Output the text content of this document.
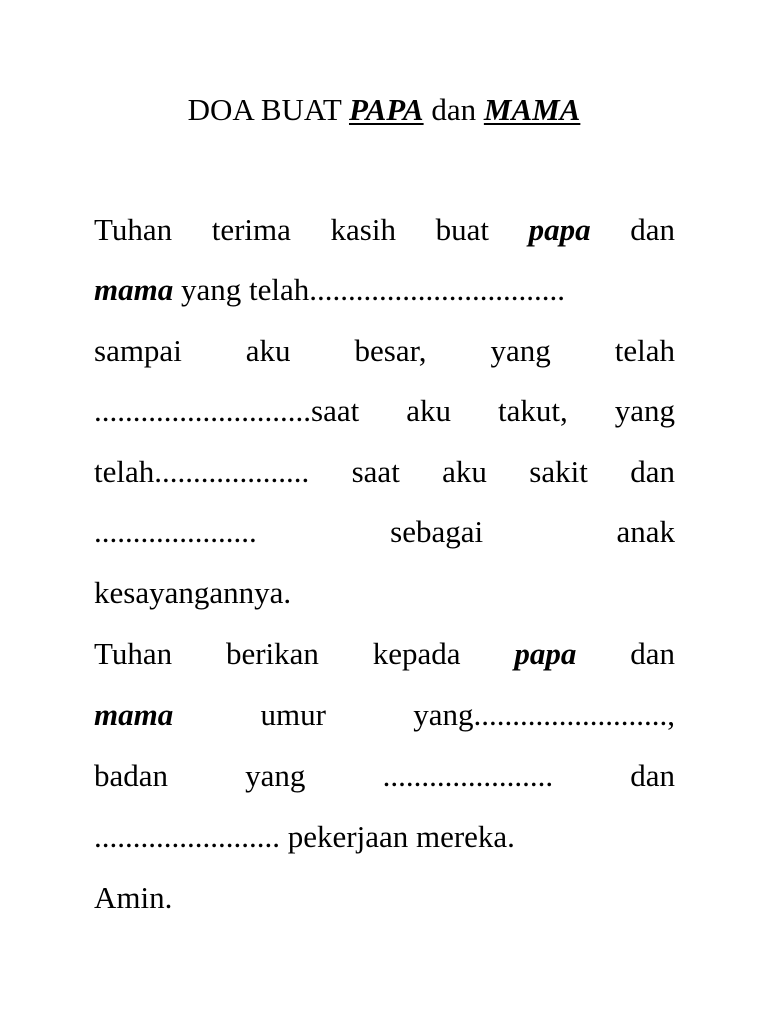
DOA BUAT PAPA dan MAMA
Tuhan terima kasih buat papa dan
mama yang telah.................................
sampai aku besar, yang telah
............................saat aku takut, yang
telah.................... saat aku sakit dan
.....................	sebagai	anak
kesayangannya.
Tuhan berikan kepada papa dan
mama	umur	yang.........................,
badan yang ...................... dan
........................ pekerjaan mereka.
Amin.
